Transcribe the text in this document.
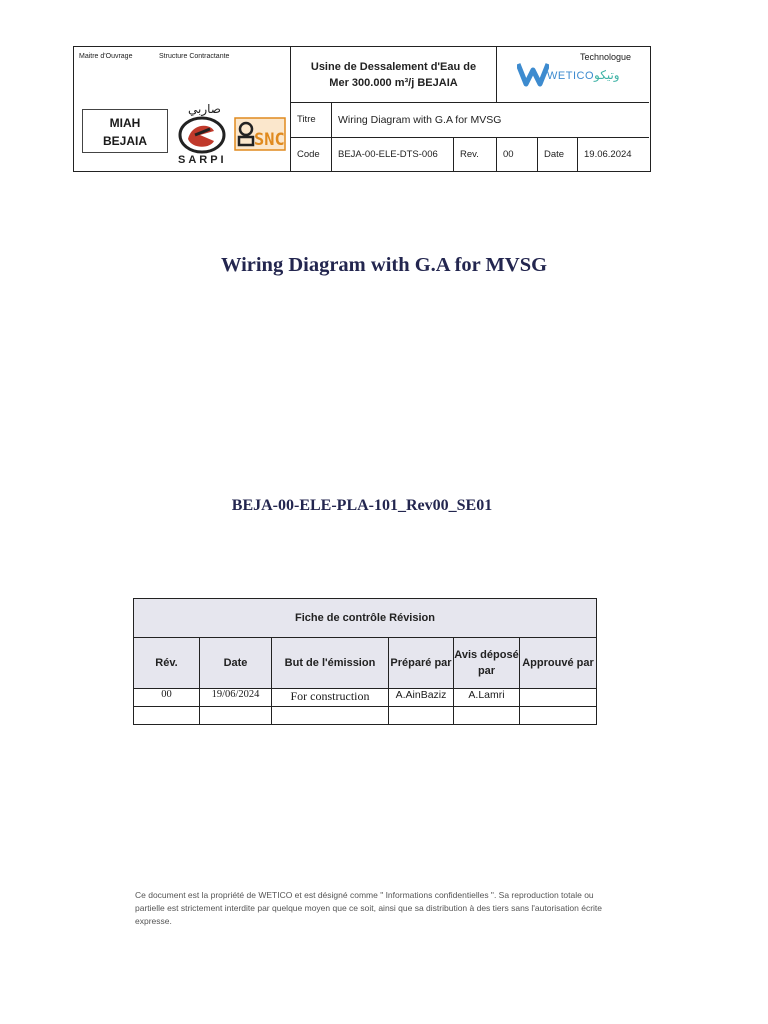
Maitre d'Ouvrage	Structure Contractante
MIAH
BEJAIA
صاربي
SARPI
SNC
Usine de Dessalement d'Eau de
Mer 300.000 m³/j BEJAIA
Technologue
WETICO وتيكو
Titre Wiring Diagram with G.A for MVSG
Code BEJA-00-ELE-DTS-006 Rev.	00	Date 19.06.2024
Wiring Diagram with G.A for MVSG
BEJA-00-ELE-PLA-101_Rev00_SE01
Fiche de contrôle Révision					
Rév.	Date	But de l'émission	Préparé par	Avis déposé par	Approuvé par
00	19/06/2024	For construction	A.AinBaziz	A.Lamri	

Ce document est la propriété de WETICO et est désigné comme " Informations confidentielles ". Sa reproduction totale ou partielle est strictement interdite par quelque moyen que ce soit, ainsi que sa distribution à des tiers sans l'autorisation écrite expresse.
